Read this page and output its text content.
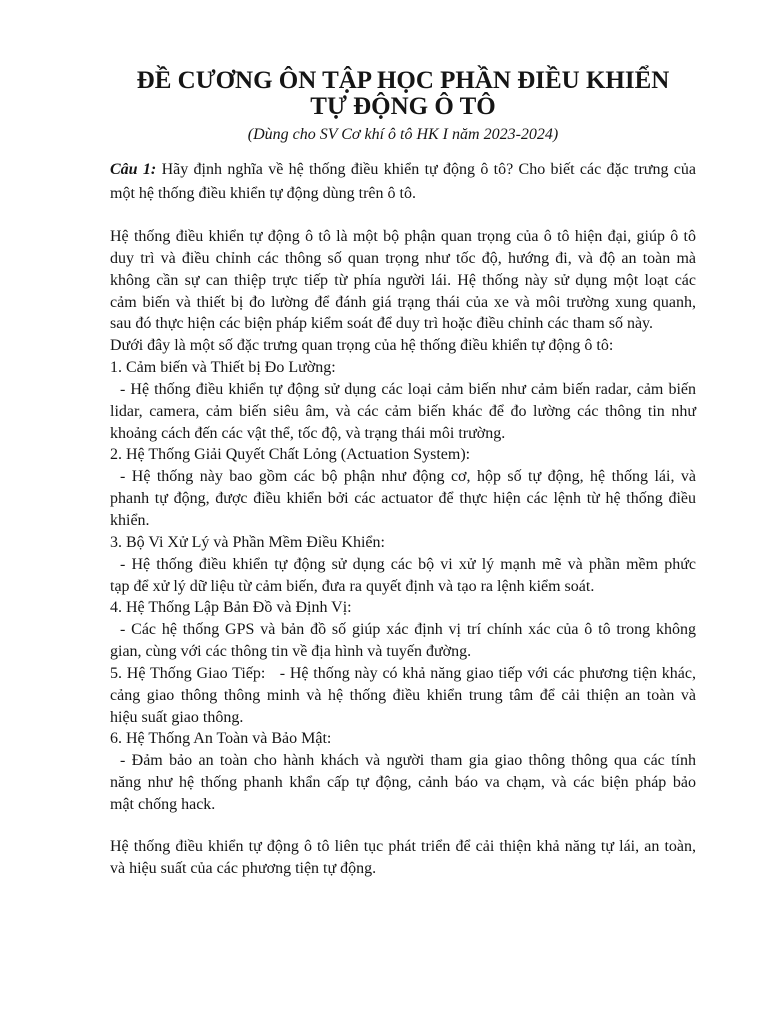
ĐỀ CƯƠNG ÔN TẬP HỌC PHẦN ĐIỀU KHIỂN
TỰ ĐỘNG Ô TÔ
(Dùng cho SV Cơ khí ô tô HK I năm 2023-2024)
Câu 1: Hãy định nghĩa về hệ thống điều khiển tự động ô tô? Cho biết các đặc trưng của
một hệ thống điều khiển tự động dùng trên ô tô.
Hệ thống điều khiển tự động ô tô là một bộ phận quan trọng của ô tô hiện đại, giúp ô tô
duy trì và điều chỉnh các thông số quan trọng như tốc độ, hướng đi, và độ an toàn mà
không cần sự can thiệp trực tiếp từ phía người lái. Hệ thống này sử dụng một loạt các
cảm biến và thiết bị đo lường để đánh giá trạng thái của xe và môi trường xung quanh,
sau đó thực hiện các biện pháp kiểm soát để duy trì hoặc điều chỉnh các tham số này.
Dưới đây là một số đặc trưng quan trọng của hệ thống điều khiển tự động ô tô:
1. Cảm biến và Thiết bị Đo Lường:
- Hệ thống điều khiển tự động sử dụng các loại cảm biến như cảm biến radar, cảm biến
lidar, camera, cảm biến siêu âm, và các cảm biến khác để đo lường các thông tin như
khoảng cách đến các vật thể, tốc độ, và trạng thái môi trường.
2. Hệ Thống Giải Quyết Chất Lỏng (Actuation System):
- Hệ thống này bao gồm các bộ phận như động cơ, hộp số tự động, hệ thống lái, và
phanh tự động, được điều khiển bởi các actuator để thực hiện các lệnh từ hệ thống điều
khiển.
3. Bộ Vi Xử Lý và Phần Mềm Điều Khiển:
- Hệ thống điều khiển tự động sử dụng các bộ vi xử lý mạnh mẽ và phần mềm phức
tạp để xử lý dữ liệu từ cảm biến, đưa ra quyết định và tạo ra lệnh kiểm soát.
4. Hệ Thống Lập Bản Đồ và Định Vị:
- Các hệ thống GPS và bản đồ số giúp xác định vị trí chính xác của ô tô trong không
gian, cùng với các thông tin về địa hình và tuyến đường.
5. Hệ Thống Giao Tiếp:   - Hệ thống này có khả năng giao tiếp với các phương tiện khác,
cảng giao thông thông minh và hệ thống điều khiển trung tâm để cải thiện an toàn và
hiệu suất giao thông.
6. Hệ Thống An Toàn và Bảo Mật:
- Đảm bảo an toàn cho hành khách và người tham gia giao thông thông qua các tính
năng như hệ thống phanh khẩn cấp tự động, cảnh báo va chạm, và các biện pháp bảo
mật chống hack.
Hệ thống điều khiển tự động ô tô liên tục phát triển để cải thiện khả năng tự lái, an toàn,
và hiệu suất của các phương tiện tự động.
